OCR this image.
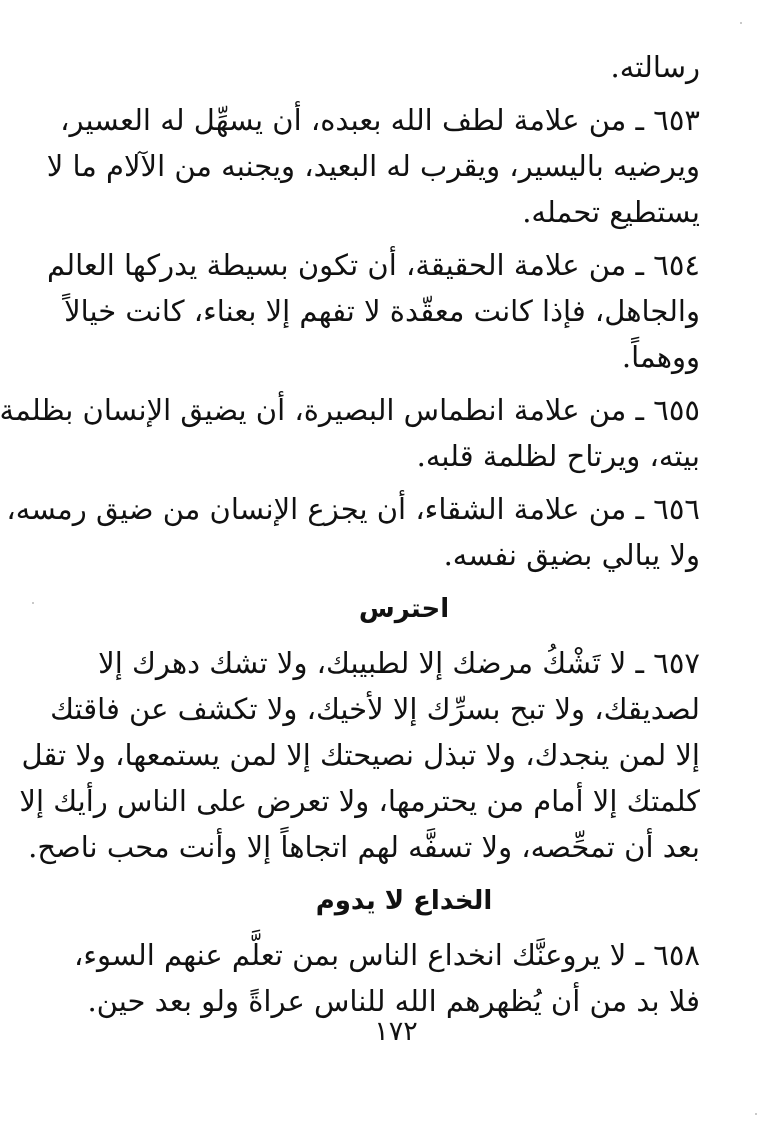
رسالته.
٦٥٣ ـ من علامة لطف الله بعبده، أن يسهِّل له العسير،
ويرضيه باليسير، ويقرب له البعيد، ويجنبه من الآلام ما لا
يستطيع تحمله.
٦٥٤ ـ من علامة الحقيقة، أن تكون بسيطة يدركها العالم
والجاهل، فإذا كانت معقّدة لا تفهم إلا بعناء، كانت خيالاً
ووهماً.
٦٥٥ ـ من علامة انطماس البصيرة، أن يضيق الإنسان بظلمة
بيته، ويرتاح لظلمة قلبه.
٦٥٦ ـ من علامة الشقاء، أن يجزع الإنسان من ضيق رمسه،
ولا يبالي بضيق نفسه.
احترس
٦٥٧ ـ لا تَشْكُ مرضك إلا لطبيبك، ولا تشك دهرك إلا
لصديقك، ولا تبح بسرِّك إلا لأخيك، ولا تكشف عن فاقتك
إلا لمن ينجدك، ولا تبذل نصيحتك إلا لمن يستمعها، ولا تقل
كلمتك إلا أمام من يحترمها، ولا تعرض على الناس رأيك إلا
بعد أن تمحِّصه، ولا تسفَّه لهم اتجاهاً إلا وأنت محب ناصح.
الخداع لا يدوم
٦٥٨ ـ لا يروعنَّك انخداع الناس بمن تعلَّم عنهم السوء،
فلا بد من أن يُظهرهم الله للناس عراةً ولو بعد حين.
١٧٢
